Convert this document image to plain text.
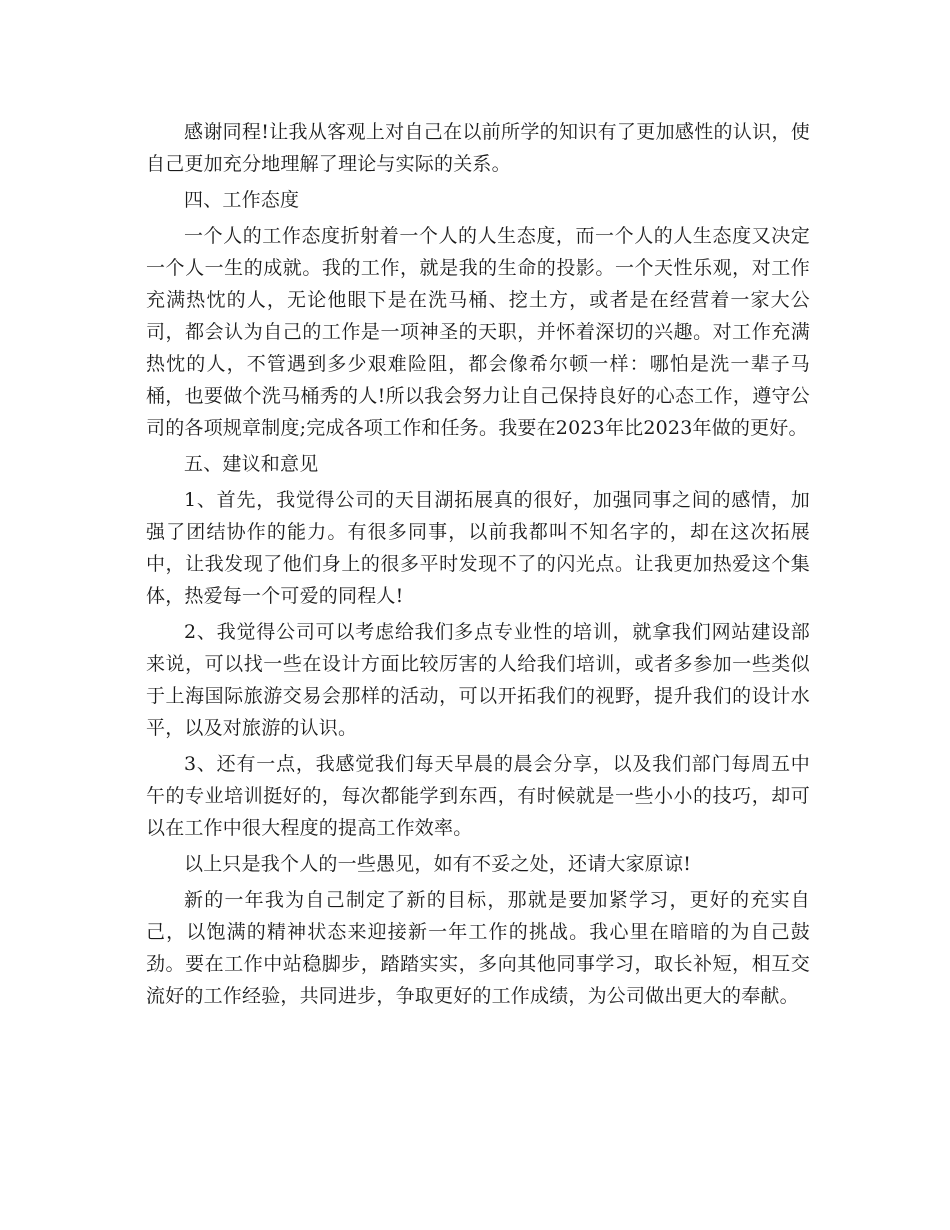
感谢同程!让我从客观上对自己在以前所学的知识有了更加感性的认识，使自己更加充分地理解了理论与实际的关系。

四、工作态度

一个人的工作态度折射着一个人的人生态度，而一个人的人生态度又决定一个人一生的成就。我的工作，就是我的生命的投影。一个天性乐观，对工作充满热忱的人，无论他眼下是在洗马桶、挖土方，或者是在经营着一家大公司，都会认为自己的工作是一项神圣的天职，并怀着深切的兴趣。对工作充满热忱的人，不管遇到多少艰难险阻，都会像希尔顿一样：哪怕是洗一辈子马桶，也要做个洗马桶秀的人!所以我会努力让自己保持良好的心态工作，遵守公司的各项规章制度;完成各项工作和任务。我要在2023年比2023年做的更好。

五、建议和意见

1、首先，我觉得公司的天目湖拓展真的很好，加强同事之间的感情，加强了团结协作的能力。有很多同事，以前我都叫不知名字的，却在这次拓展中，让我发现了他们身上的很多平时发现不了的闪光点。让我更加热爱这个集体，热爱每一个可爱的同程人!

2、我觉得公司可以考虑给我们多点专业性的培训，就拿我们网站建设部来说，可以找一些在设计方面比较厉害的人给我们培训，或者多参加一些类似于上海国际旅游交易会那样的活动，可以开拓我们的视野，提升我们的设计水平，以及对旅游的认识。

3、还有一点，我感觉我们每天早晨的晨会分享，以及我们部门每周五中午的专业培训挺好的，每次都能学到东西，有时候就是一些小小的技巧，却可以在工作中很大程度的提高工作效率。

以上只是我个人的一些愚见，如有不妥之处，还请大家原谅!

新的一年我为自己制定了新的目标，那就是要加紧学习，更好的充实自己，以饱满的精神状态来迎接新一年工作的挑战。我心里在暗暗的为自己鼓劲。要在工作中站稳脚步，踏踏实实，多向其他同事学习，取长补短，相互交流好的工作经验，共同进步，争取更好的工作成绩，为公司做出更大的奉献。
